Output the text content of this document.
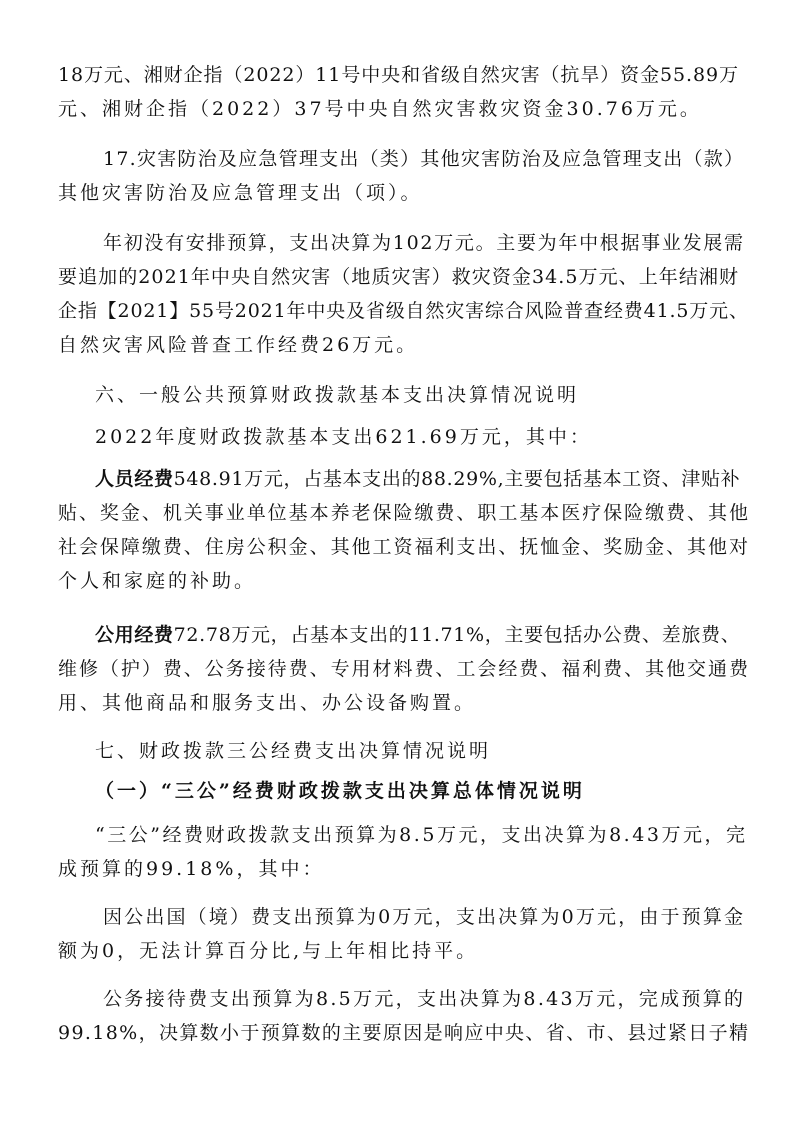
18万元、湘财企指（2022）11号中央和省级自然灾害（抗旱）资金55.89万
元、湘财企指（2022）37号中央自然灾害救灾资金30.76万元。
17.灾害防治及应急管理支出（类）其他灾害防治及应急管理支出（款）
其他灾害防治及应急管理支出（项）。
年初没有安排预算，支出决算为102万元。主要为年中根据事业发展需
要追加的2021年中央自然灾害（地质灾害）救灾资金34.5万元、上年结湘财
企指【2021】55号2021年中央及省级自然灾害综合风险普查经费41.5万元、
自然灾害风险普查工作经费26万元。
六、一般公共预算财政拨款基本支出决算情况说明
2022年度财政拨款基本支出621.69万元，其中：
人员经费548.91万元，占基本支出的88.29%,主要包括基本工资、津贴补
贴、奖金、机关事业单位基本养老保险缴费、职工基本医疗保险缴费、其他
社会保障缴费、住房公积金、其他工资福利支出、抚恤金、奖励金、其他对
个人和家庭的补助。
公用经费72.78万元，占基本支出的11.71%，主要包括办公费、差旅费、
维修（护）费、公务接待费、专用材料费、工会经费、福利费、其他交通费
用、其他商品和服务支出、办公设备购置。
七、财政拨款三公经费支出决算情况说明
（一）“三公”经费财政拨款支出决算总体情况说明
“三公”经费财政拨款支出预算为8.5万元，支出决算为8.43万元，完
成预算的99.18%，其中：
因公出国（境）费支出预算为0万元，支出决算为0万元，由于预算金
额为0，无法计算百分比,与上年相比持平。
公务接待费支出预算为8.5万元，支出决算为8.43万元，完成预算的
99.18%，决算数小于预算数的主要原因是响应中央、省、市、县过紧日子精
